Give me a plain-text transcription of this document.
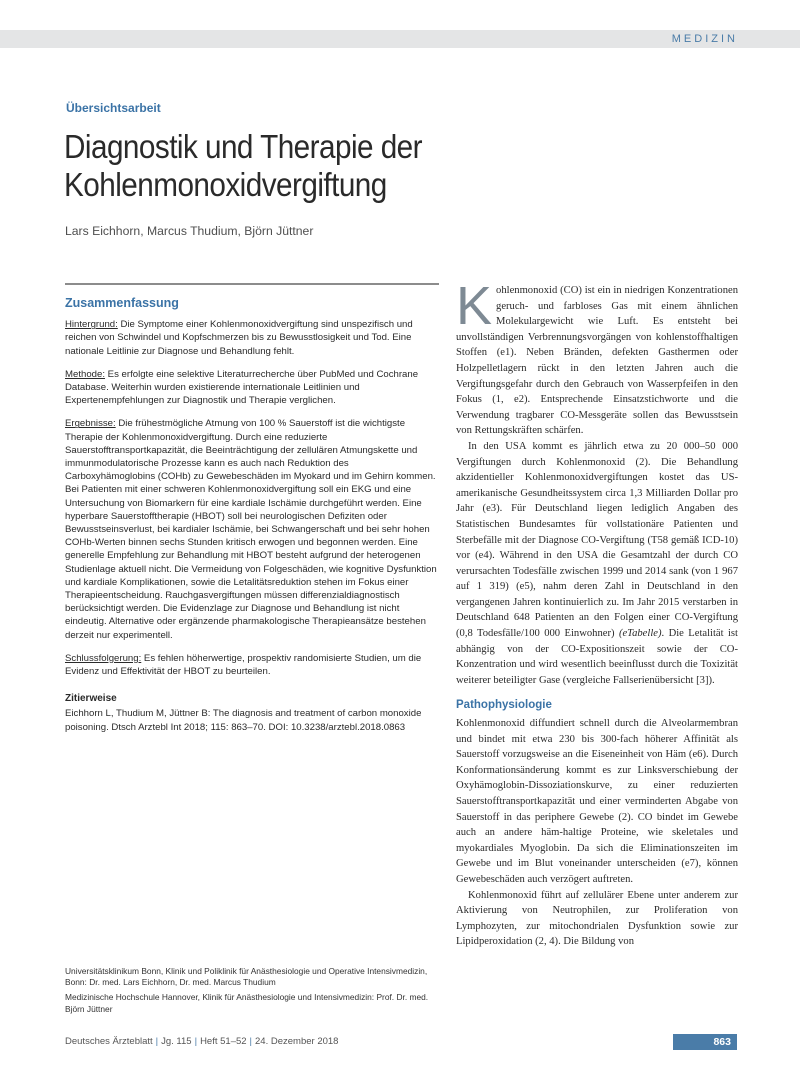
MEDIZIN
Übersichtsarbeit
Diagnostik und Therapie der
Kohlenmonoxidvergiftung
Lars Eichhorn, Marcus Thudium, Björn Jüttner
Zusammenfassung

Hintergrund: Die Symptome einer Kohlenmonoxidvergiftung sind unspezifisch und reichen von Schwindel und Kopfschmerzen bis zu Bewusstlosigkeit und Tod. Eine nationale Leitlinie zur Diagnose und Behandlung fehlt.

Methode: Es erfolgte eine selektive Literaturrecherche über PubMed und Cochrane Database. Weiterhin wurden existierende internationale Leitlinien und Expertenempfehlungen zur Diagnostik und Therapie verglichen.

Ergebnisse: Die frühestmögliche Atmung von 100 % Sauerstoff ist die wichtigste Therapie der Kohlenmonoxidvergiftung. Durch eine reduzierte Sauerstofftransportkapazität, die Beeinträchtigung der zellulären Atmungskette und immunmodulatorische Prozesse kann es auch nach Reduktion des Carboxyhämoglobins (COHb) zu Gewebeschäden im Myokard und im Gehirn kommen. Bei Patienten mit einer schweren Kohlenmonoxidvergiftung soll ein EKG und eine Untersuchung von Biomarkern für eine kardiale Ischämie durchgeführt werden. Eine hyperbare Sauerstofftherapie (HBOT) soll bei neurologischen Defiziten oder Bewusstseinsverlust, bei kardialer Ischämie, bei Schwangerschaft und bei sehr hohen COHb-Werten binnen sechs Stunden kritisch erwogen und begonnen werden. Eine generelle Empfehlung zur Behandlung mit HBOT besteht aufgrund der heterogenen Studienlage aktuell nicht. Die Vermeidung von Folgeschäden, wie kognitive Dysfunktion und kardiale Komplikationen, sowie die Letalitätsreduktion stehen im Fokus einer Therapieentscheidung. Rauchgasvergiftungen müssen differenzialdiagnostisch berücksichtigt werden. Die Evidenzlage zur Diagnose und Behandlung ist nicht eindeutig. Alternative oder ergänzende pharmakologische Therapieansätze bestehen derzeit nur experimentell.

Schlussfolgerung: Es fehlen höherwertige, prospektiv randomisierte Studien, um die Evidenz und Effektivität der HBOT zu beurteilen.

Zitierweise
Eichhorn L, Thudium M, Jüttner B: The diagnosis and treatment of carbon monoxide poisoning. Dtsch Arztebl Int 2018; 115: 863–70. DOI: 10.3238/arztebl.2018.0863

Universitätsklinikum Bonn, Klinik und Poliklinik für Anästhesiologie und Operative Intensivmedizin, Bonn: Dr. med. Lars Eichhorn, Dr. med. Marcus Thudium

Medizinische Hochschule Hannover, Klinik für Anästhesiologie und Intensivmedizin: Prof. Dr. med. Björn Jüttner

Kohlenmonoxid (CO) ist ein in niedrigen Konzentrationen geruch- und farbloses Gas mit einem ähnlichen Molekulargewicht wie Luft. Es entsteht bei unvollständigen Verbrennungsvorgängen von kohlenstoffhaltigen Stoffen (e1). Neben Bränden, defekten Gasthermen oder Holzpelletlagern rückt in den letzten Jahren auch die Vergiftungsgefahr durch den Gebrauch von Wasserpfeifen in den Fokus (1, e2). Entsprechende Einsatzstichworte und die Verwendung tragbarer CO-Messgeräte sollen das Bewusstsein von Rettungskräften schärfen.

In den USA kommt es jährlich etwa zu 20 000–50 000 Vergiftungen durch Kohlenmonoxid (2). Die Behandlung akzidentieller Kohlenmonoxidvergiftungen kostet das US-amerikanische Gesundheitssystem circa 1,3 Milliarden Dollar pro Jahr (e3). Für Deutschland liegen lediglich Angaben des Statistischen Bundesamtes für vollstationäre Patienten und Sterbefälle mit der Diagnose CO-Vergiftung (T58 gemäß ICD-10) vor (e4). Während in den USA die Gesamtzahl der durch CO verursachten Todesfälle zwischen 1999 und 2014 sank (von 1 967 auf 1 319) (e5), nahm deren Zahl in Deutschland in den vergangenen Jahren kontinuierlich zu. Im Jahr 2015 verstarben in Deutschland 648 Patienten an den Folgen einer CO-Vergiftung (0,8 Todesfälle/100 000 Einwohner) (eTabelle). Die Letalität ist abhängig von der CO-Expositionszeit sowie der CO-Konzentration und wird wesentlich beeinflusst durch die Toxizität weiterer beteiligter Gase (vergleiche Fallserienübersicht [3]).

Pathophysiologie

Kohlenmonoxid diffundiert schnell durch die Alveolarmembran und bindet mit etwa 230 bis 300-fach höherer Affinität als Sauerstoff vorzugsweise an die Eiseneinheit von Häm (e6). Durch Konformationsänderung kommt es zur Linksverschiebung der Oxyhämoglobin-Dissoziationskurve, zu einer reduzierten Sauerstofftransportkapazität und einer verminderten Abgabe von Sauerstoff in das periphere Gewebe (2). CO bindet im Gewebe auch an andere häm-haltige Proteine, wie skeletales und myokardiales Myoglobin. Da sich die Eliminationszeiten im Gewebe und im Blut voneinander unterscheiden (e7), können Gewebeschäden auch verzögert auftreten.

Kohlenmonoxid führt auf zellulärer Ebene unter anderem zur Aktivierung von Neutrophilen, zur Proliferation von Lymphozyten, zur mitochondrialen Dysfunktion sowie zur Lipidperoxidation (2, 4). Die Bildung von

Deutsches Ärzteblatt | Jg. 115 | Heft 51–52 | 24. Dezember 2018	863
